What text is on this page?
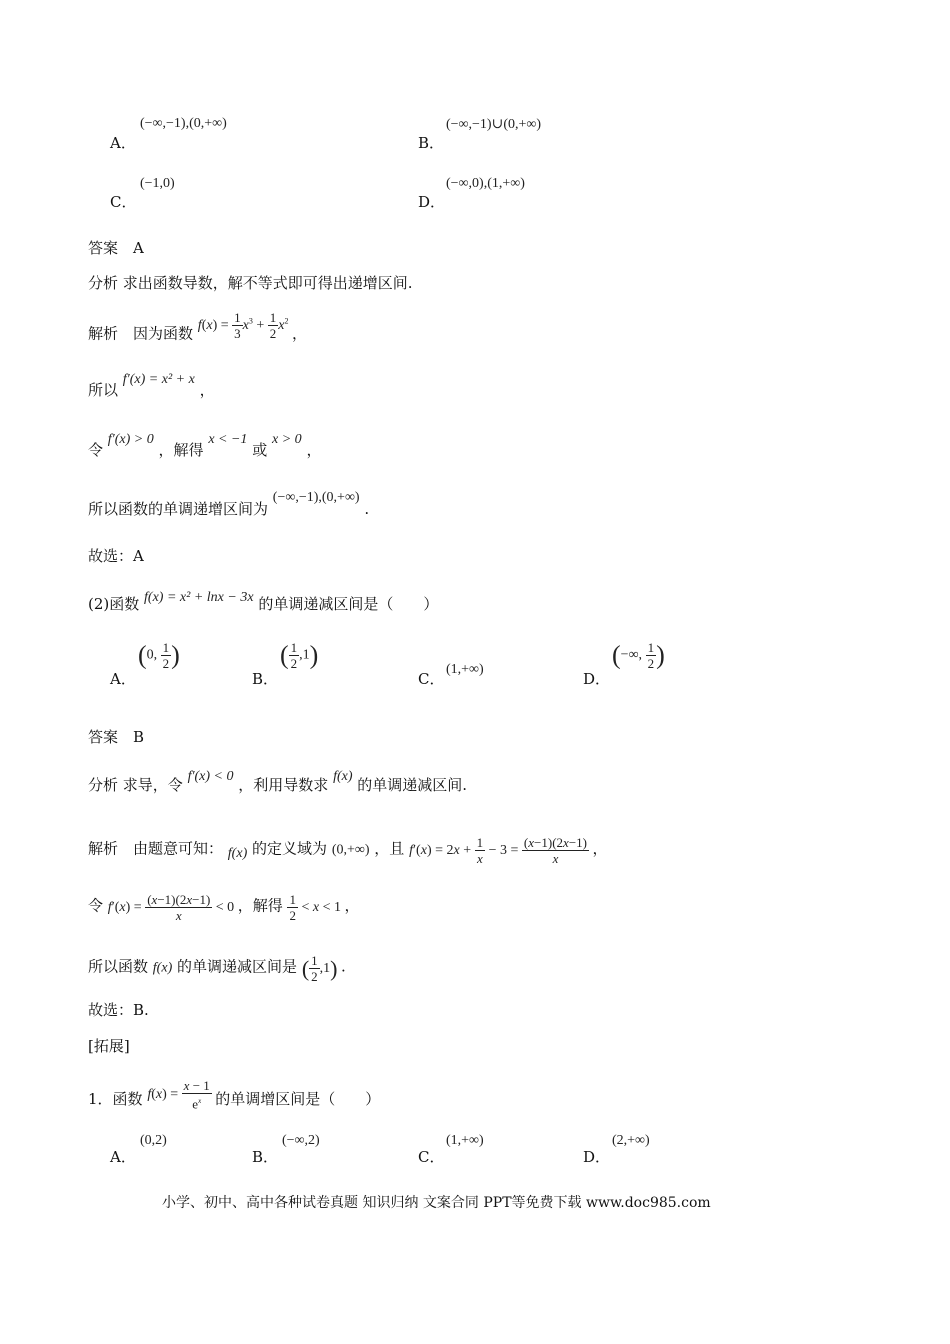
(−∞,−1),(0,+∞)
A．
(−∞,−1)∪(0,+∞)
B．
(−1,0)
C．
(−∞,0),(1,+∞)
D．
答案　A
分析 求出函数导数，解不等式即可得出递增区间.
解析　因为函数 $f(x) = \frac{1}{3} x^3 + \frac{1}{2} x^2$ ，
所以 f′(x) = x² + x ，
令 f′(x) > 0 ，解得 x < −1 或 x > 0 ，
所以函数的单调递增区间为 (−∞,−1),(0,+∞) .
故选：A
(2)函数 f(x) = x² + lnx − 3x 的单调递减区间是（　　）
A．
(0, $\frac{1}{2}$ )
B．
( $\frac{1}{2} ,1$)
C．
(1,+∞)
D．
(−∞, $\frac{1}{2}$ )
答案　B
分析 求导，令 f′(x) < 0 ，利用导数求 f(x) 的单调递减区间.
解析　由题意可知： f(x) 的定义域为 (0,+∞) ，且 $f'(x) = 2x + \frac{1}{x} - 3 = \frac{(x-1)(2x-1)}{x}$ ，
令 $f'(x) = \frac{(x-1)(2x-1)}{x} < 0$ ，解得 $\frac{1}{2} < x < 1$ ，
所以函数 f(x) 的单调递减区间是 ( $\frac{1}{2} ,1$) .
故选：B.
[拓展]
1．函数 $f(x) = \frac{x - 1}{e^x}$ 的单调增区间是（　　）
A．
(0,2)
B．
(−∞,2)
C．
(1,+∞)
D．
(2,+∞)
小学、初中、高中各种试卷真题 知识归纳 文案合同 PPT等免费下载 www.doc985.com
